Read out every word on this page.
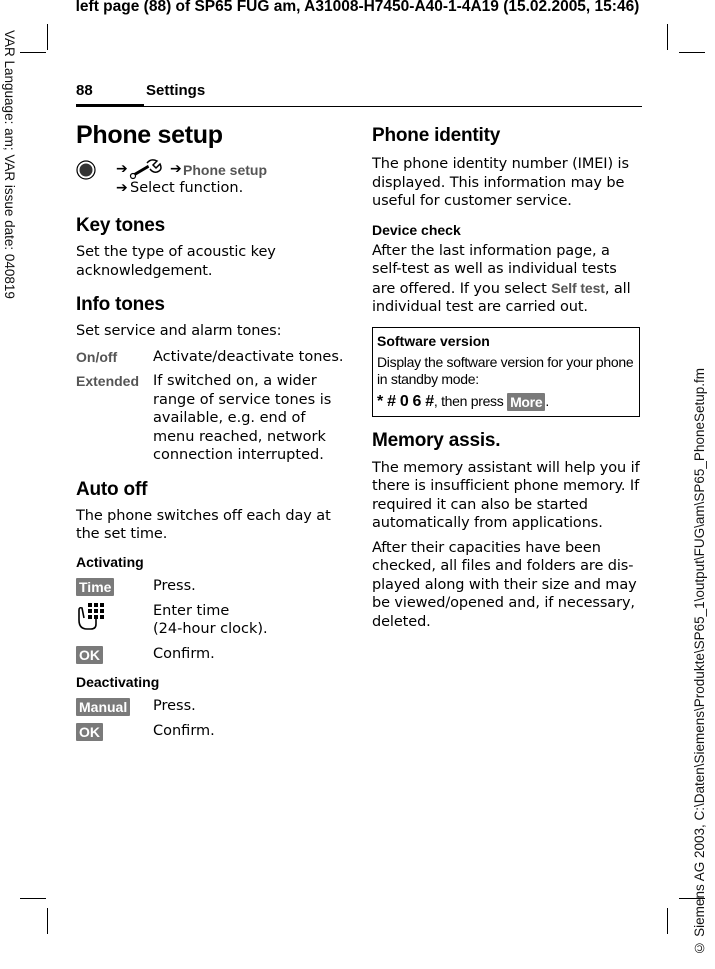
left page (88) of SP65 FUG am, A31008-H7450-A40-1-4A19 (15.02.2005, 15:46)
VAR Language: am; VAR issue date: 040819
© Siemens AG 2003, C:\Daten\Siemens\Produkte\SP65_1\output\FUG\am\SP65_PhoneSetup.fm
88	Settings
Phone setup
➔	➔ Phone setup
➔ Select function.
Key tones

Set the type of acoustic key acknowledgement.

Info tones

Set service and alarm tones:

On/off	Activate/deactivate tones.
Extended If switched on, a wider range of service tones is available, e.g. end of menu reached, network connection interrupted.
Auto off

The phone switches off each day at the set time.

Activating
Time	Press.
Enter time
(24-hour clock).
OK	Confirm.
Deactivating
Manual	Press.
OK	Confirm.
Phone identity

The phone identity number (IMEI) is displayed. This information may be useful for customer service.

Device check

After the last information page, a self-test as well as individual tests are offered. If you select Self test, all individual test are carried out.

Software version
Display the software version for your phone in standby mode:
* # 0 6 # , then press More .
Memory assis.

The memory assistant will help you if there is insufficient phone memory. If required it can also be started automatically from applications.

After their capacities have been checked, all files and folders are dis-played along with their size and may be viewed/opened and, if necessary, deleted.
